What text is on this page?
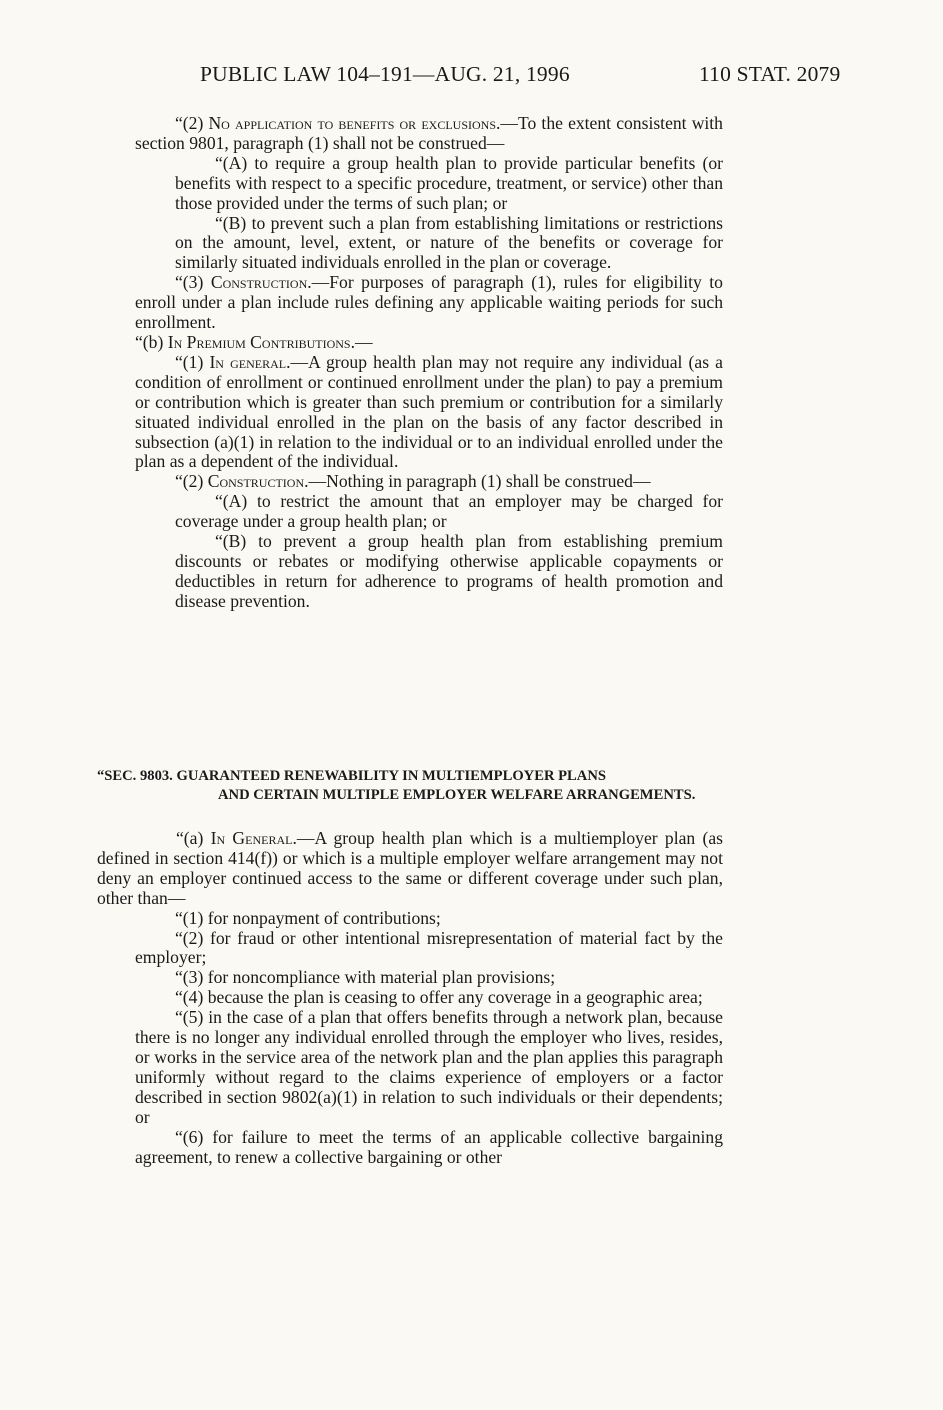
PUBLIC LAW 104–191—AUG. 21, 1996	110 STAT. 2079

“(2) No application to benefits or exclusions.—To the extent consistent with section 9801, paragraph (1) shall not be construed—

“(A) to require a group health plan to provide particular benefits (or benefits with respect to a specific procedure, treatment, or service) other than those provided under the terms of such plan; or

“(B) to prevent such a plan from establishing limitations or restrictions on the amount, level, extent, or nature of the benefits or coverage for similarly situated individuals enrolled in the plan or coverage.

“(3) Construction.—For purposes of paragraph (1), rules for eligibility to enroll under a plan include rules defining any applicable waiting periods for such enrollment.

“(b) In Premium Contributions.—

“(1) In general.—A group health plan may not require any individual (as a condition of enrollment or continued enrollment under the plan) to pay a premium or contribution which is greater than such premium or contribution for a similarly situated individual enrolled in the plan on the basis of any factor described in subsection (a)(1) in relation to the individual or to an individual enrolled under the plan as a dependent of the individual.

“(2) Construction.—Nothing in paragraph (1) shall be construed—

“(A) to restrict the amount that an employer may be charged for coverage under a group health plan; or

“(B) to prevent a group health plan from establishing premium discounts or rebates or modifying otherwise applicable copayments or deductibles in return for adherence to programs of health promotion and disease prevention.

“SEC. 9803. GUARANTEED RENEWABILITY IN MULTIEMPLOYER PLANS
AND CERTAIN MULTIPLE EMPLOYER WELFARE ARRANGEMENTS.

“(a) In General.—A group health plan which is a multiemployer plan (as defined in section 414(f)) or which is a multiple employer welfare arrangement may not deny an employer continued access to the same or different coverage under such plan, other than—

“(1) for nonpayment of contributions;

“(2) for fraud or other intentional misrepresentation of material fact by the employer;

“(3) for noncompliance with material plan provisions;

“(4) because the plan is ceasing to offer any coverage in a geographic area;

“(5) in the case of a plan that offers benefits through a network plan, because there is no longer any individual enrolled through the employer who lives, resides, or works in the service area of the network plan and the plan applies this paragraph uniformly without regard to the claims experience of employers or a factor described in section 9802(a)(1) in relation to such individuals or their dependents; or

“(6) for failure to meet the terms of an applicable collective bargaining agreement, to renew a collective bargaining or other
